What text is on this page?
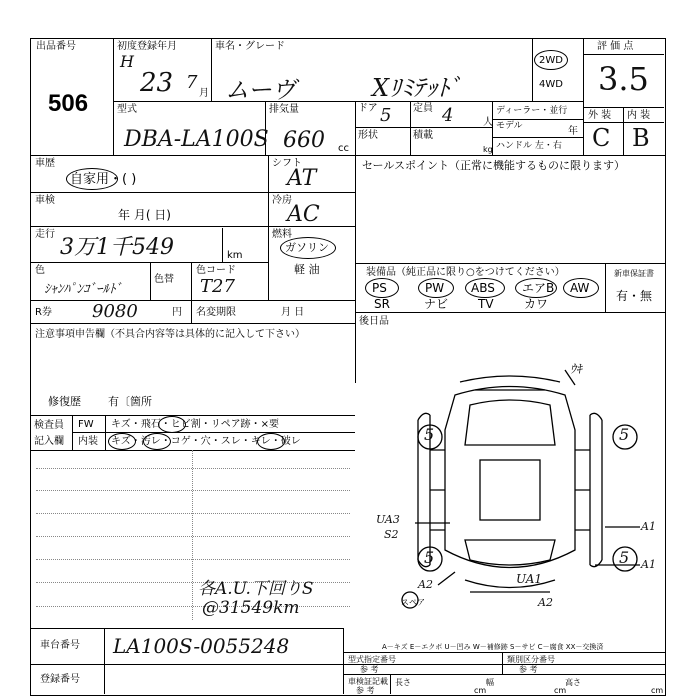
出品番号
506
初度登録年月
H
23 7
月
車名・グレード
ムーヴ	Xﾘﾐﾃｯﾄﾞ
2WD
4WD
評 価 点
3.5
型式
DBA-LA100S
排気量
660 cc
ドア 5 定員 4	人
形状	積載
kg
ディーラー・並行
モデル	年
ハンドル 左・右
外 装 内 装
C B
車歴
自家用・( )
車検
年 月( 日)
走行
3万1千549	km
色
ｼｬﾝﾊﾟﾝｺﾞｰﾙﾄﾞ
色替
色コード
T27
R券 9080	円 名変期限	月 日
シフト
AT
冷房
AC
燃料
ガソリン
軽 油
セールスポイント（正常に機能するものに限ります）
装備品（純正品に限り○をつけてください）
PS	PW ABS エアB AW
SR	ナビ TV	カワ
新車保証書
有・無
後日品
注意事項申告欄（不具合内容等は具体的に記入して下さい）
修復歴 有〔箇所
検査員
記入欄
FW キズ・飛石・ヒビ割・リペア跡・×要
内装 キズ・汚レ・コゲ・穴・スレ・キレ・破レ
各A.U.下回りS
@31549km
ｳｷ
5	5
5	5
UA3
S2
A1
A1
A2	UA1
A2
スペア
車台番号 LA100S-0055248
登録番号
A－キズ E－エクボ U－凹み W－補修跡 S－サビ C－腐食 XX－交換済
型式指定番号
参 考
類別区分番号
参 考
車検証記載
参 考
長さ
cm
幅
cm
高さ
cm
